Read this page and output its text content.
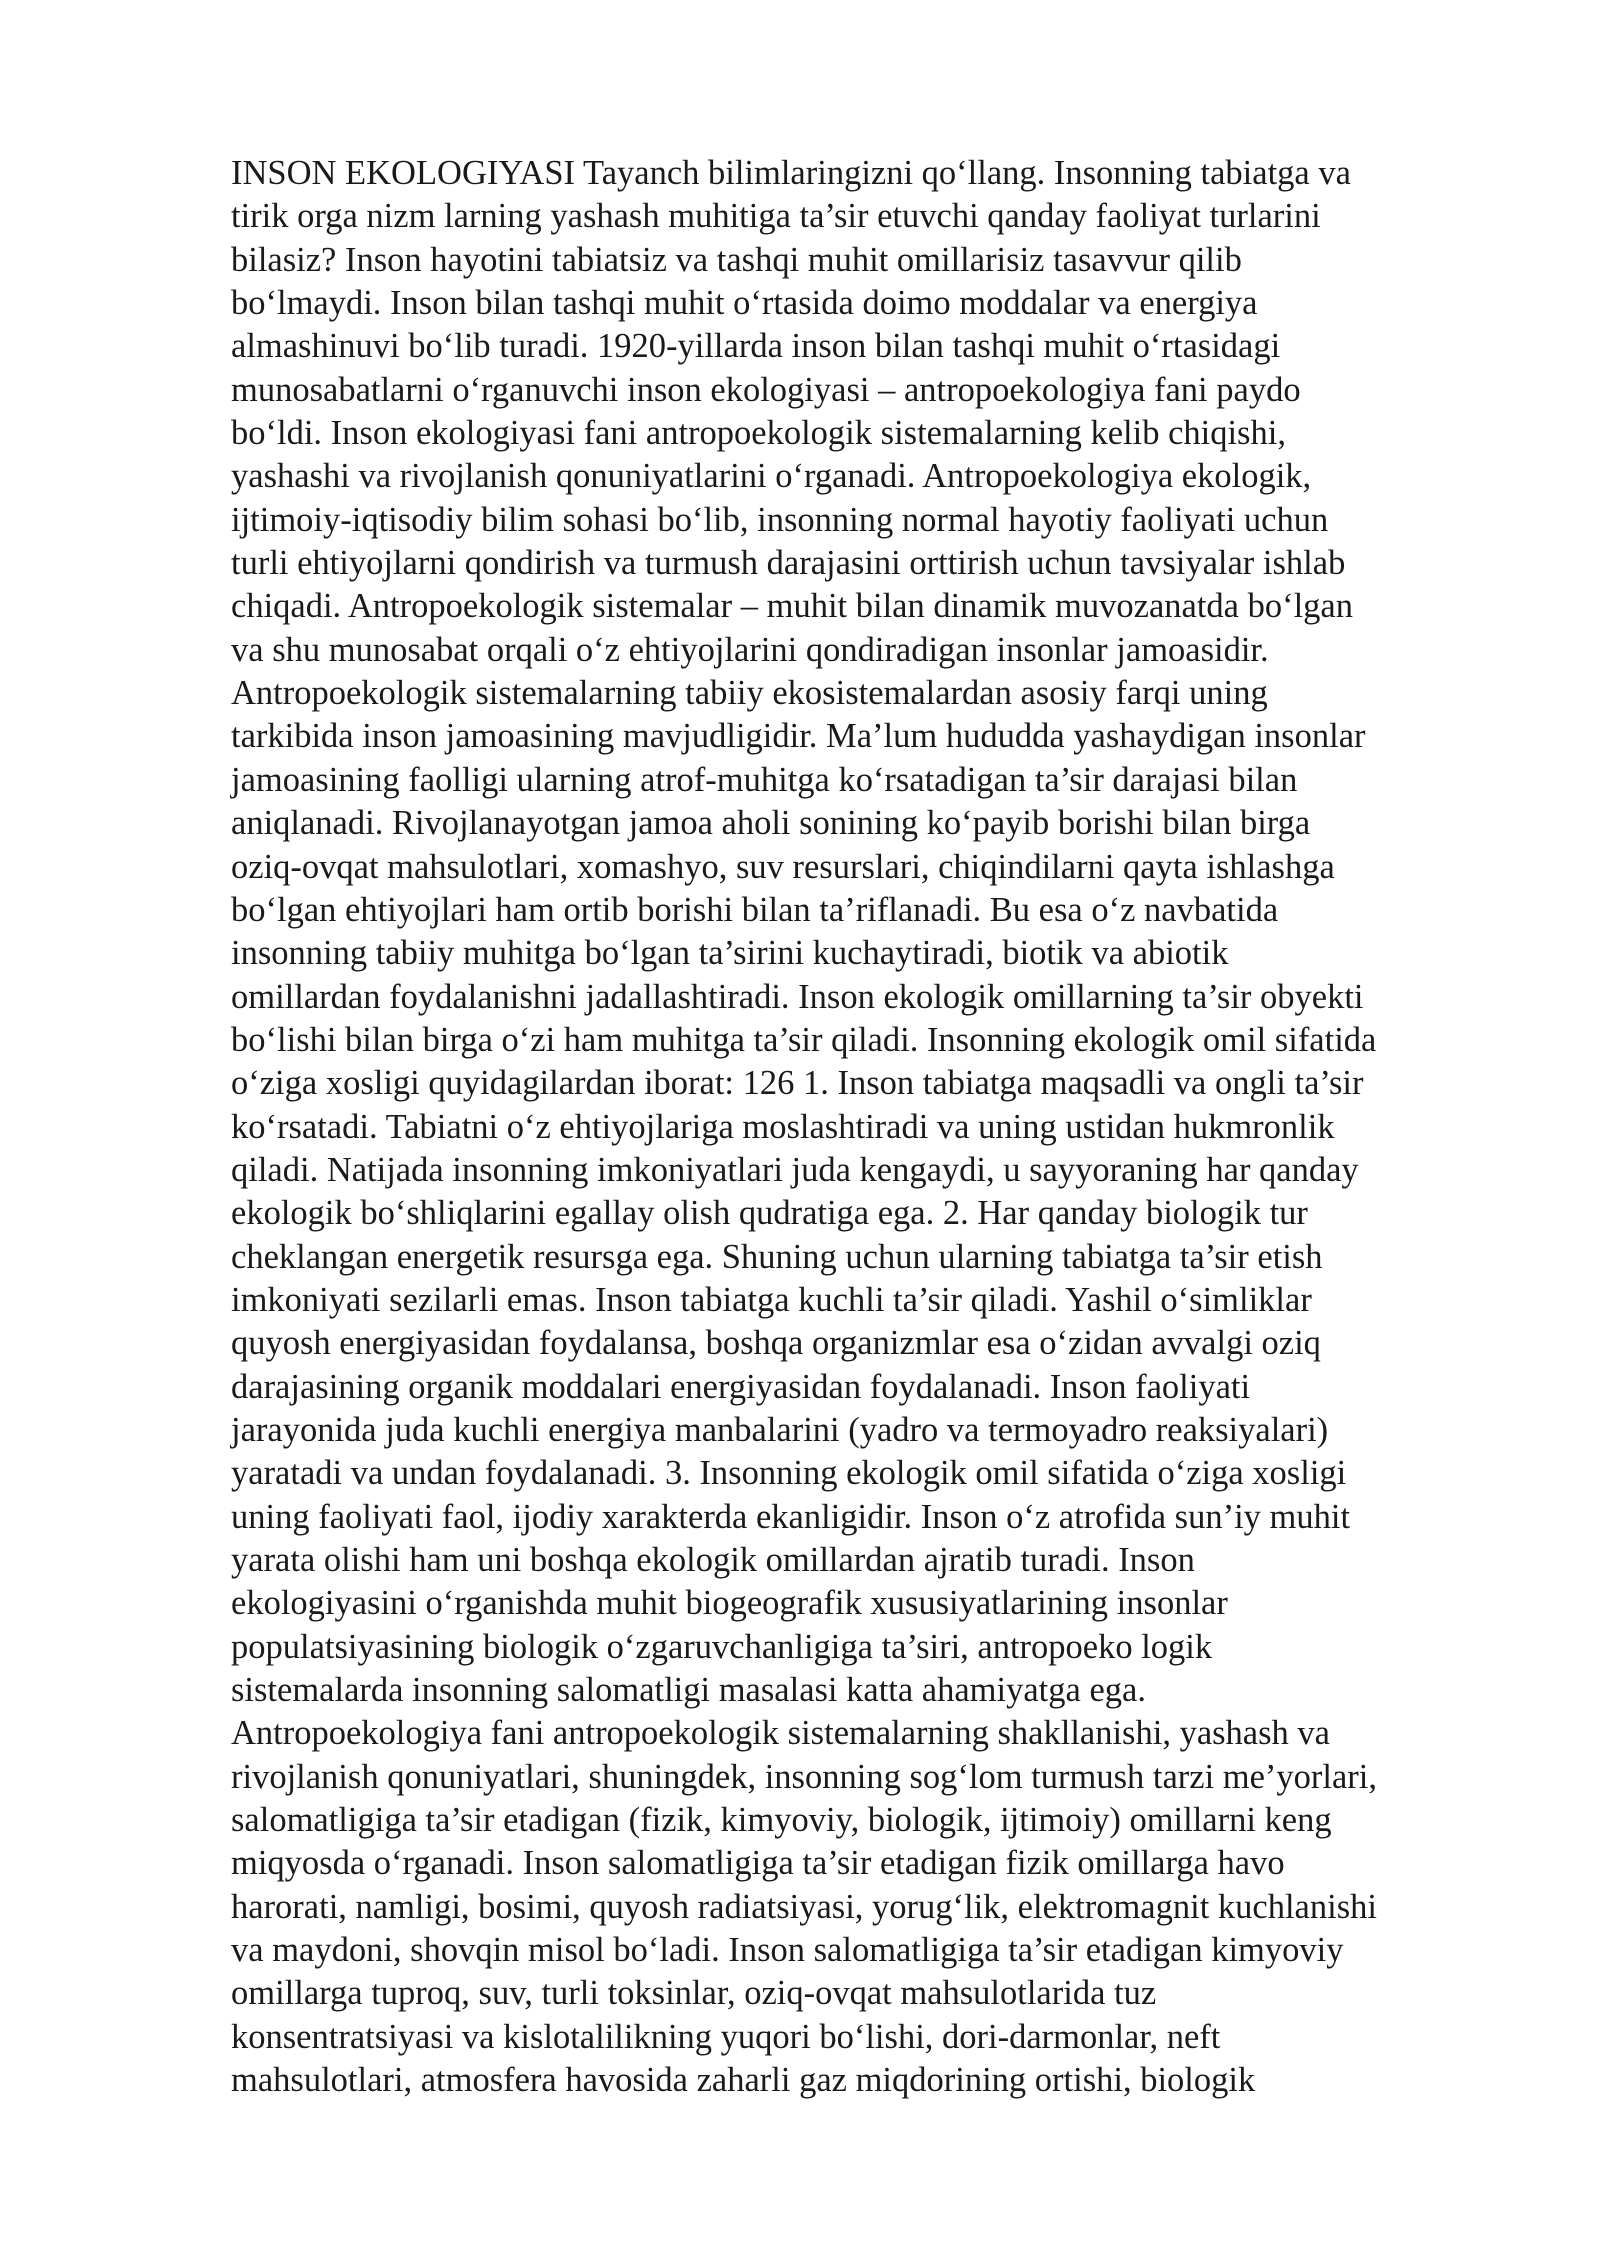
INSON EKOLOGIYASI Tayanch bilimlaringizni qo‘llang. Insonning tabiatga va
tirik orga nizm larning yashash muhitiga ta’sir etuvchi qanday faoliyat turlarini
bilasiz? Inson hayotini tabiatsiz va tashqi muhit omillarisiz tasavvur qilib
bo‘lmaydi. Inson bilan tashqi muhit o‘rtasida doimo moddalar va energiya
almashinuvi bo‘lib turadi. 1920-yillarda inson bilan tashqi muhit o‘rtasidagi
munosabatlarni o‘rganuvchi inson ekologiyasi – antropoekologiya fani paydo
bo‘ldi. Inson ekologiyasi fani antropoekologik sistemalarning kelib chiqishi,
yashashi va rivojlanish qonuniyatlarini o‘rganadi. Antropoekologiya ekologik,
ijtimoiy-iqtisodiy bilim sohasi bo‘lib, insonning normal hayotiy faoliyati uchun
turli ehtiyojlarni qondirish va turmush darajasini orttirish uchun tavsiyalar ishlab
chiqadi. Antropoekologik sistemalar – muhit bilan dinamik muvozanatda bo‘lgan
va shu munosabat orqali o‘z ehtiyojlarini qondiradigan insonlar jamoasidir.
Antropoekologik sistemalarning tabiiy ekosistemalardan asosiy farqi uning
tarkibida inson jamoasining mavjudligidir. Ma’lum hududda yashaydigan insonlar
jamoasining faolligi ularning atrof-muhitga ko‘rsatadigan ta’sir darajasi bilan
aniqlanadi. Rivojlanayotgan jamoa aholi sonining ko‘payib borishi bilan birga
oziq-ovqat mahsulotlari, xomashyo, suv resurslari, chiqindilarni qayta ishlashga
bo‘lgan ehtiyojlari ham ortib borishi bilan ta’riflanadi. Bu esa o‘z navbatida
insonning tabiiy muhitga bo‘lgan ta’sirini kuchaytiradi, biotik va abiotik
omillardan foydalanishni jadallashtiradi. Inson ekologik omillarning ta’sir obyekti
bo‘lishi bilan birga o‘zi ham muhitga ta’sir qiladi. Insonning ekologik omil sifatida
o‘ziga xosligi quyidagilardan iborat: 126 1. Inson tabiatga maqsadli va ongli ta’sir
ko‘rsatadi. Tabiatni o‘z ehtiyojlariga moslashtiradi va uning ustidan hukmronlik
qiladi. Natijada insonning imkoniyatlari juda kengaydi, u sayyoraning har qanday
ekologik bo‘shliqlarini egallay olish qudratiga ega. 2. Har qanday biologik tur
cheklangan energetik resursga ega. Shuning uchun ularning tabiatga ta’sir etish
imkoniyati sezilarli emas. Inson tabiatga kuchli ta’sir qiladi. Yashil o‘simliklar
quyosh energiyasidan foydalansa, boshqa organizmlar esa o‘zidan avvalgi oziq
darajasining organik moddalari energiyasidan foydalanadi. Inson faoliyati
jarayonida juda kuchli energiya manbalarini (yadro va termoyadro reaksiyalari)
yaratadi va undan foydalanadi. 3. Insonning ekologik omil sifatida o‘ziga xosligi
uning faoliyati faol, ijodiy xarakterda ekanligidir. Inson o‘z atrofida sun’iy muhit
yarata olishi ham uni boshqa ekologik omillardan ajratib turadi. Inson
ekologiyasini o‘rganishda muhit biogeografik xususiyatlarining insonlar
populatsiyasining biologik o‘zgaruvchanligiga ta’siri, antropoeko logik
sistemalarda insonning salomatligi masalasi katta ahamiyatga ega.
Antropoekologiya fani antropoekologik sistemalarning shakllanishi, yashash va
rivojlanish qonuniyatlari, shuningdek, insonning sog‘lom turmush tarzi me’yorlari,
salomatligiga ta’sir etadigan (fizik, kimyoviy, biologik, ijtimoiy) omillarni keng
miqyosda o‘rganadi. Inson salomatligiga ta’sir etadigan fizik omillarga havo
harorati, namligi, bosimi, quyosh radiatsiyasi, yorug‘lik, elektromagnit kuchlanishi
va maydoni, shovqin misol bo‘ladi. Inson salomatligiga ta’sir etadigan kimyoviy
omillarga tuproq, suv, turli toksinlar, oziq-ovqat mahsulotlarida tuz
konsentratsiyasi va kislotalilikning yuqori bo‘lishi, dori-darmonlar, neft
mahsulotlari, atmosfera havosida zaharli gaz miqdorining ortishi, biologik
